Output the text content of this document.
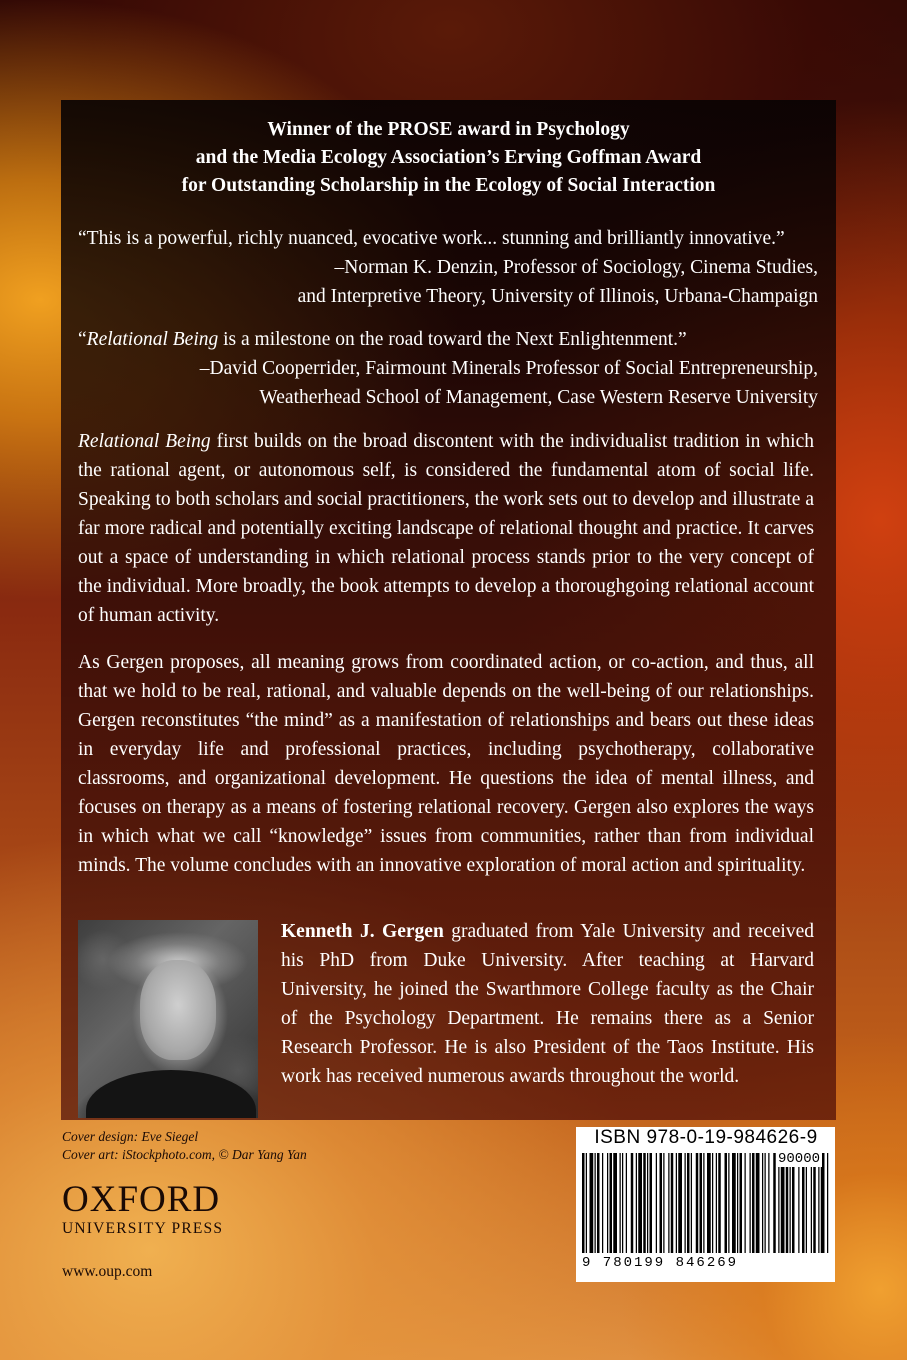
Winner of the PROSE award in Psychology
and the Media Ecology Association’s Erving Goffman Award
for Outstanding Scholarship in the Ecology of Social Interaction
“This is a powerful, richly nuanced, evocative work... stunning and brilliantly innovative.”
–Norman K. Denzin, Professor of Sociology, Cinema Studies,
and Interpretive Theory, University of Illinois, Urbana-Champaign
“Relational Being is a milestone on the road toward the Next Enlightenment.”
–David Cooperrider, Fairmount Minerals Professor of Social Entrepreneurship,
Weatherhead School of Management, Case Western Reserve University
Relational Being first builds on the broad discontent with the individualist tradition in which the rational agent, or autonomous self, is considered the fundamental atom of social life. Speaking to both scholars and social practitioners, the work sets out to develop and illustrate a far more radical and potentially exciting landscape of relational thought and practice. It carves out a space of understanding in which relational process stands prior to the very concept of the individual. More broadly, the book attempts to develop a thoroughgoing relational account of human activity.
As Gergen proposes, all meaning grows from coordinated action, or co-action, and thus, all that we hold to be real, rational, and valuable depends on the well-being of our relationships. Gergen reconstitutes “the mind” as a manifestation of relationships and bears out these ideas in everyday life and professional practices, including psychotherapy, collaborative classrooms, and organizational development. He questions the idea of mental illness, and focuses on therapy as a means of fostering relational recovery. Gergen also explores the ways in which what we call “knowledge” issues from communities, rather than from individual minds. The volume concludes with an innovative exploration of moral action and spirituality.
Kenneth J. Gergen graduated from Yale University and received his PhD from Duke University. After teaching at Harvard University, he joined the Swarthmore College faculty as the Chair of the Psychology Department. He remains there as a Senior Research Professor. He is also President of the Taos Institute. His work has received numerous awards throughout the world.
Cover design: Eve Siegel
Cover art: iStockphoto.com, © Dar Yang Yan
OXFORD
UNIVERSITY PRESS
www.oup.com
ISBN 978-0-19-984626-9
90000
9 780199 846269
